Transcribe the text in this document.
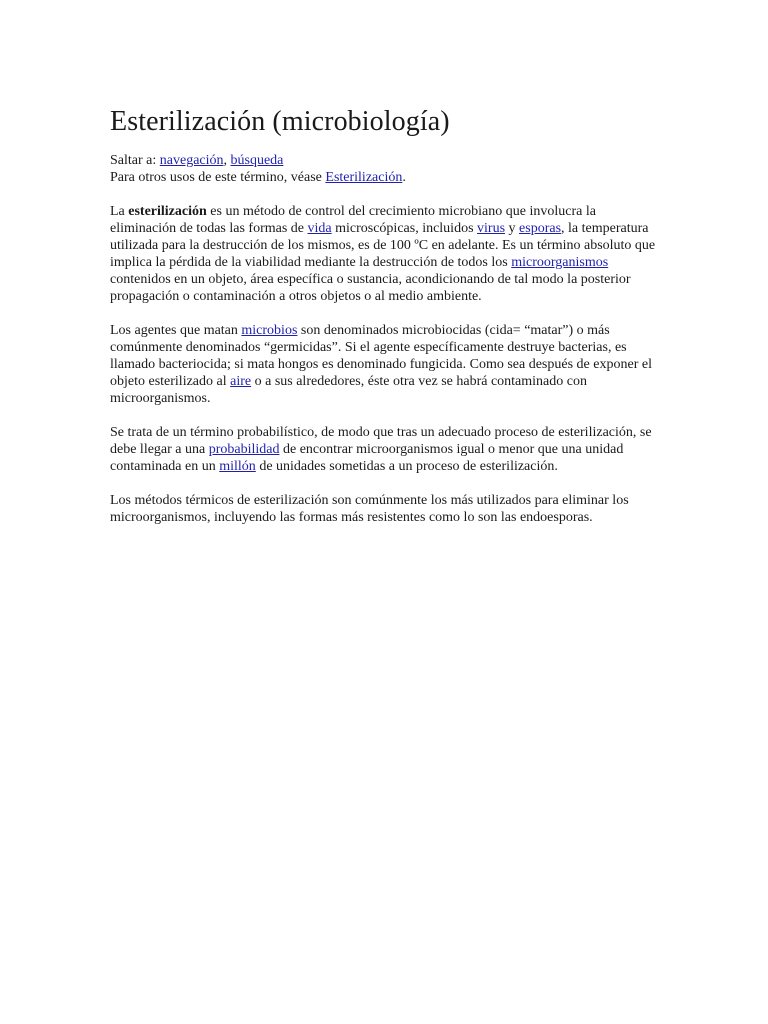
Esterilización (microbiología)

Saltar a: navegación, búsqueda

Para otros usos de este término, véase Esterilización.

La esterilización es un método de control del crecimiento microbiano que involucra la eliminación de todas las formas de vida microscópicas, incluidos virus y esporas, la temperatura utilizada para la destrucción de los mismos, es de 100 ºC en adelante. Es un término absoluto que implica la pérdida de la viabilidad mediante la destrucción de todos los microorganismos contenidos en un objeto, área específica o sustancia, acondicionando de tal modo la posterior propagación o contaminación a otros objetos o al medio ambiente.

Los agentes que matan microbios son denominados microbiocidas (cida= “matar”) o más comúnmente denominados “germicidas”. Si el agente específicamente destruye bacterias, es llamado bacteriocida; si mata hongos es denominado fungicida. Como sea después de exponer el objeto esterilizado al aire o a sus alrededores, éste otra vez se habrá contaminado con microorganismos.

Se trata de un término probabilístico, de modo que tras un adecuado proceso de esterilización, se debe llegar a una probabilidad de encontrar microorganismos igual o menor que una unidad contaminada en un millón de unidades sometidas a un proceso de esterilización.

Los métodos térmicos de esterilización son comúnmente los más utilizados para eliminar los microorganismos, incluyendo las formas más resistentes como lo son las endoesporas.
